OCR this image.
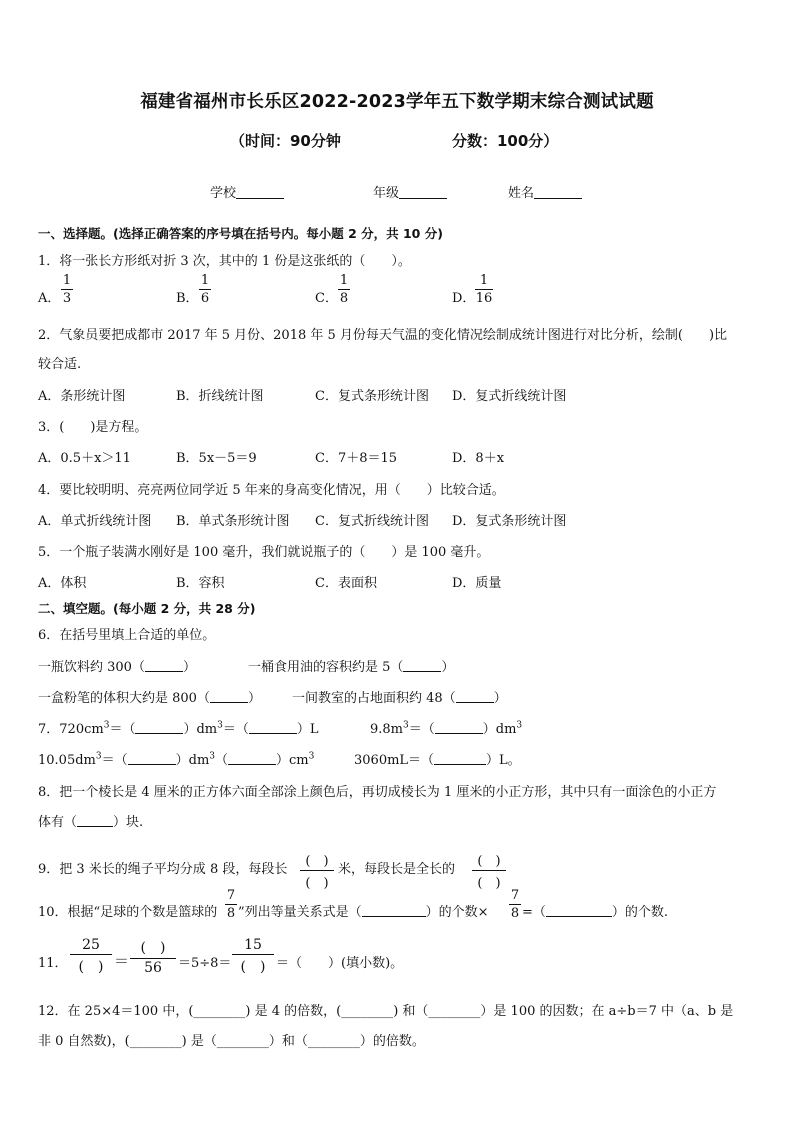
福建省福州市长乐区2022-2023学年五下数学期末综合测试试题
（时间：90分钟	分数：100分）
学校	年级	姓名
一、选择题。(选择正确答案的序号填在括号内。每小题 2 分，共 10 分)
1．将一张长方形纸对折 3 次，其中的 1 份是这张纸的（　　）。
A．
1
3	B．
1
6	C．
1
8	D．
1
16
2．气象员要把成都市 2017 年 5 月份、2018 年 5 月份每天气温的变化情况绘制成统计图进行对比分析，绘制(　　)比
较合适.
A．条形统计图	B．折线统计图	C．复式条形统计图 D．复式折线统计图
3．(　　)是方程。
A．0.5＋x＞11	B．5x－5＝9	C．7＋8＝15	D．8＋x
4．要比较明明、亮亮两位同学近 5 年来的身高变化情况，用（　　）比较合适。
A．单式折线统计图 B．单式条形统计图 C．复式折线统计图 D．复式条形统计图
5．一个瓶子装满水刚好是 100 毫升，我们就说瓶子的（　　）是 100 毫升。
A．体积	B．容积	C．表面积	D．质量
二、填空题。(每小题 2 分，共 28 分)
6．在括号里填上合适的单位。
一瓶饮料约 300（	）	一桶食用油的容积约是 5（	）
一盒粉笔的体积大约是 800（	） 一间教室的占地面积约 48（	）
7．$720cm^3=$（	）$dm^3=$（	）L	$9.8m^3=$（	）$dm^3$
$10.05dm^3=$（	）$dm^3$（	）$cm^3$	3060mL＝（	）L。
8．把一个棱长是 4 厘米的正方体六面全部涂上颜色后，再切成棱长为 1 厘米的小正方形，其中只有一面涂色的小正方
体有（	）块.
9．把 3 米长的绳子平均分成 8 段，每段长
(　)
(　)
米，每段长是全长的
(　)
(　)
10．根据“足球的个数是篮球的
7
8 ”列出等量关系式是（	）的个数×
7
8 =（	）的个数.
11．
25
(　) ＝
(　)
56	＝5÷8＝
15
(　) ＝（　　）(填小数)。
12．在 25×4＝100 中，(________) 是 4 的倍数，(________) 和（________）是 100 的因数；在 a÷b＝7 中（a、b 是
非 0 自然数)，(________) 是（________）和（________）的倍数。
